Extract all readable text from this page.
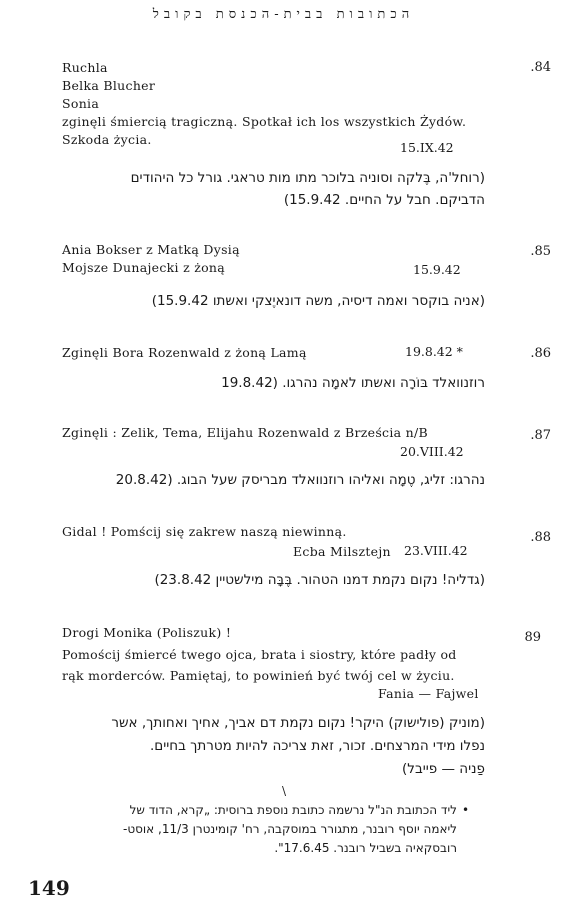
הכתובות בבית-הכנסת בקובל
.84
Ruchla
Belka Blucher
Sonia
zginęli śmiercią tragiczną. Spotkał ich los wszystkich Żydów.
Szkoda życia.
15.IX.42
(רוחל'ה, בֶּלקה וסוניה בלוכר מתו מות טראגי. גורל כל היהודים
הדביקם. חבל על החיים. 15.9.42)
.85
Ania Bokser z Matką Dysią
Mojsze Dunajecki z żoną	15.9.42
(אניה בוקסר ואמה דיסיה, משה דונאיֶצקי ואשתו 15.9.42)
.86
Zginęli Bora Rozenwald z żoną Lamą	19.8.42 *
רוזנוואלד בּוֹרָה ואשתו לאמָה נהרגו. (19.8.42
.87
Zginęli : Zelik, Tema, Elijahu Rozenwald z Brześcia n/B
20.VIII.42
נהרגו: זליג, טֶמָה ואליהו רוזנוואלד מבריסק שעל הבוג. (20.8.42
.88
Gidal ! Pomścij się zakrew naszą niewinną.
Ecba Milsztejn 23.VIII.42
(גדליה! נקום נקמת דמנו הטהור. בֶּבָּה מילשטיין 23.8.42)
89
Drogi Monika (Poliszuk) !
Pomościj śmiercé twego ojca, brata i siostry, które padły od
rąk morderców. Pamiętaj, to powinień być twój cel w życiu.
Fania — Fajwel
(מוניק (פולישוק) היקר! נקום נקמת דם אביך, אחיך ואחותך, אשר
נפלו מידי המרצחים. זכור, זאת צריכה להיות מטרתך בחיים.
פַניה — פייבל)
\
ליד הכתובת הנ"ל נרשמה כתובת נוספת ברוסית: „קרא, הדוד של
ליאמה יוסף רובנר, מתגורר במוסקבה, רח' קומינטרן 11/3, אוסט-
רובסקאיה בשביל רובנר. 17.6.45".
•
149
